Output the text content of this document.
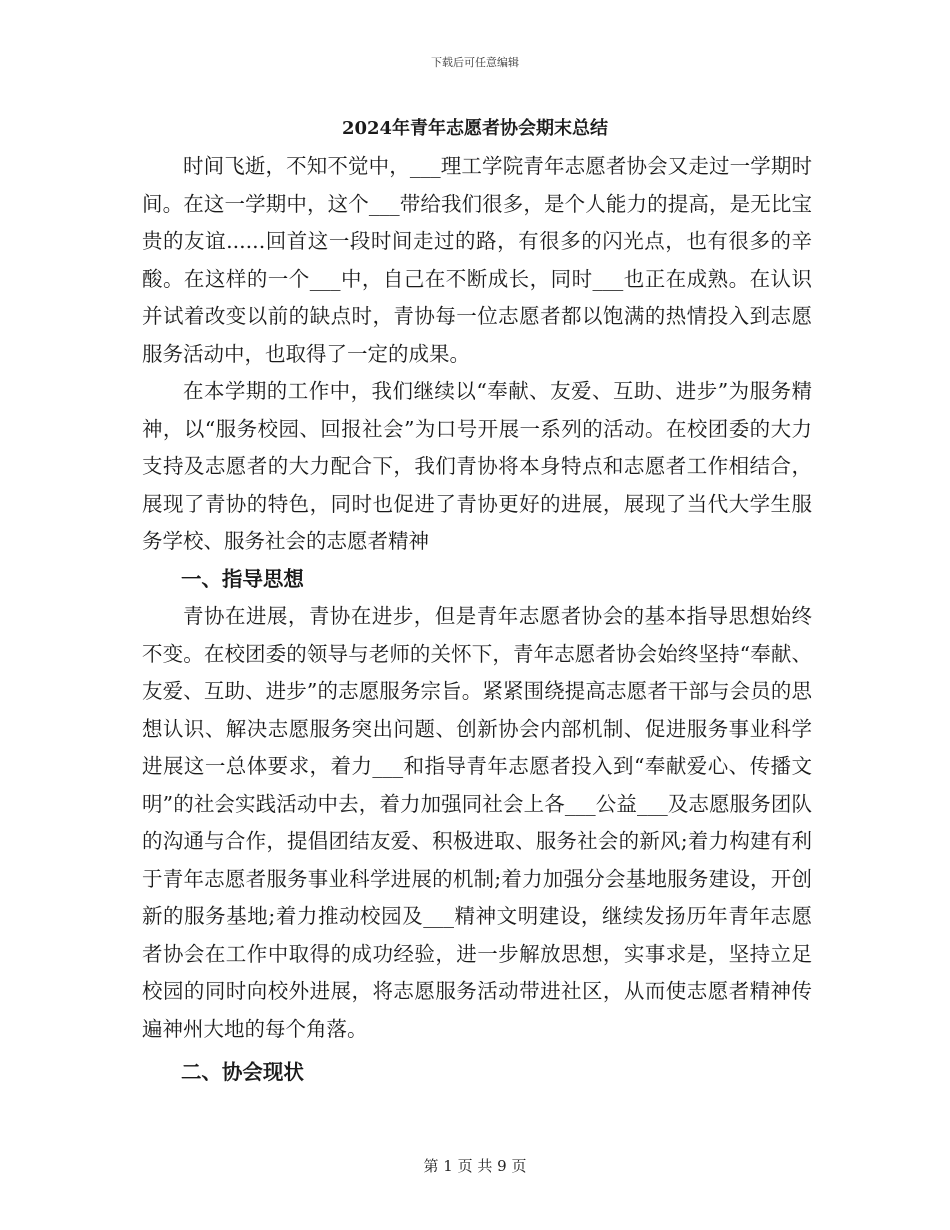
下载后可任意编辑
2024年青年志愿者协会期末总结

时间飞逝，不知不觉中，___理工学院青年志愿者协会又走过一学期时间。在这一学期中，这个___带给我们很多，是个人能力的提高，是无比宝贵的友谊......回首这一段时间走过的路，有很多的闪光点，也有很多的辛酸。在这样的一个___中，自己在不断成长，同时___也正在成熟。在认识并试着改变以前的缺点时，青协每一位志愿者都以饱满的热情投入到志愿服务活动中，也取得了一定的成果。

在本学期的工作中，我们继续以“奉献、友爱、互助、进步”为服务精神，以“服务校园、回报社会”为口号开展一系列的活动。在校团委的大力支持及志愿者的大力配合下，我们青协将本身特点和志愿者工作相结合，展现了青协的特色，同时也促进了青协更好的进展，展现了当代大学生服务学校、服务社会的志愿者精神

一、指导思想

青协在进展，青协在进步，但是青年志愿者协会的基本指导思想始终不变。在校团委的领导与老师的关怀下，青年志愿者协会始终坚持“奉献、友爱、互助、进步”的志愿服务宗旨。紧紧围绕提高志愿者干部与会员的思想认识、解决志愿服务突出问题、创新协会内部机制、促进服务事业科学进展这一总体要求，着力___和指导青年志愿者投入到“奉献爱心、传播文明”的社会实践活动中去，着力加强同社会上各___公益___及志愿服务团队的沟通与合作，提倡团结友爱、积极进取、服务社会的新风;着力构建有利于青年志愿者服务事业科学进展的机制;着力加强分会基地服务建设，开创新的服务基地;着力推动校园及___精神文明建设，继续发扬历年青年志愿者协会在工作中取得的成功经验，进一步解放思想，实事求是，坚持立足校园的同时向校外进展，将志愿服务活动带进社区，从而使志愿者精神传遍神州大地的每个角落。

二、协会现状
第 1 页 共 9 页
